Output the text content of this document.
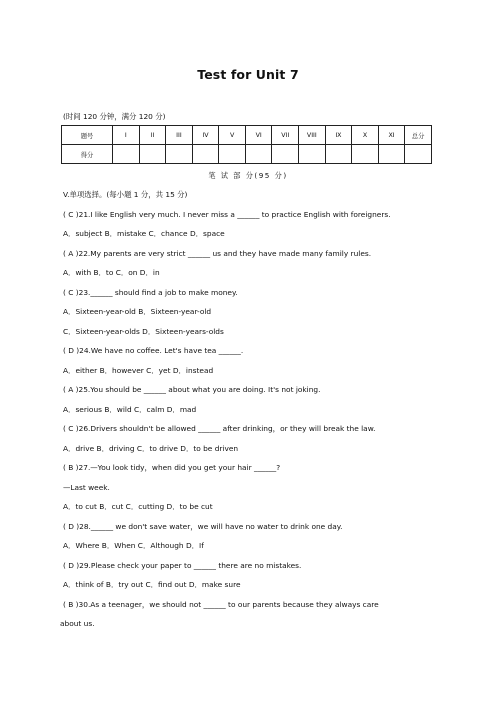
Test for Unit 7
(时间 120 分钟，满分 120 分)
题号	I	II	III	IV	V	VI	VII	VIII	IX	X	XI	总分
得分												
笔 试 部 分(95 分)
V.单项选择。(每小题 1 分，共 15 分)
( C )21.I like English very much. I never miss a ______ to practice English with foreigners.
A．subject B．mistake C．chance D．space
( A )22.My parents are very strict ______ us and they have made many family rules.
A．with B．to C．on D．in
( C )23.______ should find a job to make money.
A．Sixteen-year-old B．Sixteen-year-old
C．Sixteen-year-olds D．Sixteen-years-olds
( D )24.We have no coffee. Let's have tea ______.
A．either B．however C．yet D．instead
( A )25.You should be ______ about what you are doing. It's not joking.
A．serious B．wild C．calm D．mad
( C )26.Drivers shouldn't be allowed ______ after drinking，or they will break the law.
A．drive B．driving C．to drive D．to be driven
( B )27.—You look tidy，when did you get your hair ______?
—Last week.
A．to cut B．cut C．cutting D．to be cut
( D )28.______ we don't save water，we will have no water to drink one day.
A．Where B．When C．Although D．If
( D )29.Please check your paper to ______ there are no mistakes.
A．think of B．try out C．find out D．make sure
( B )30.As a teenager，we should not ______ to our parents because they always care
about us.
